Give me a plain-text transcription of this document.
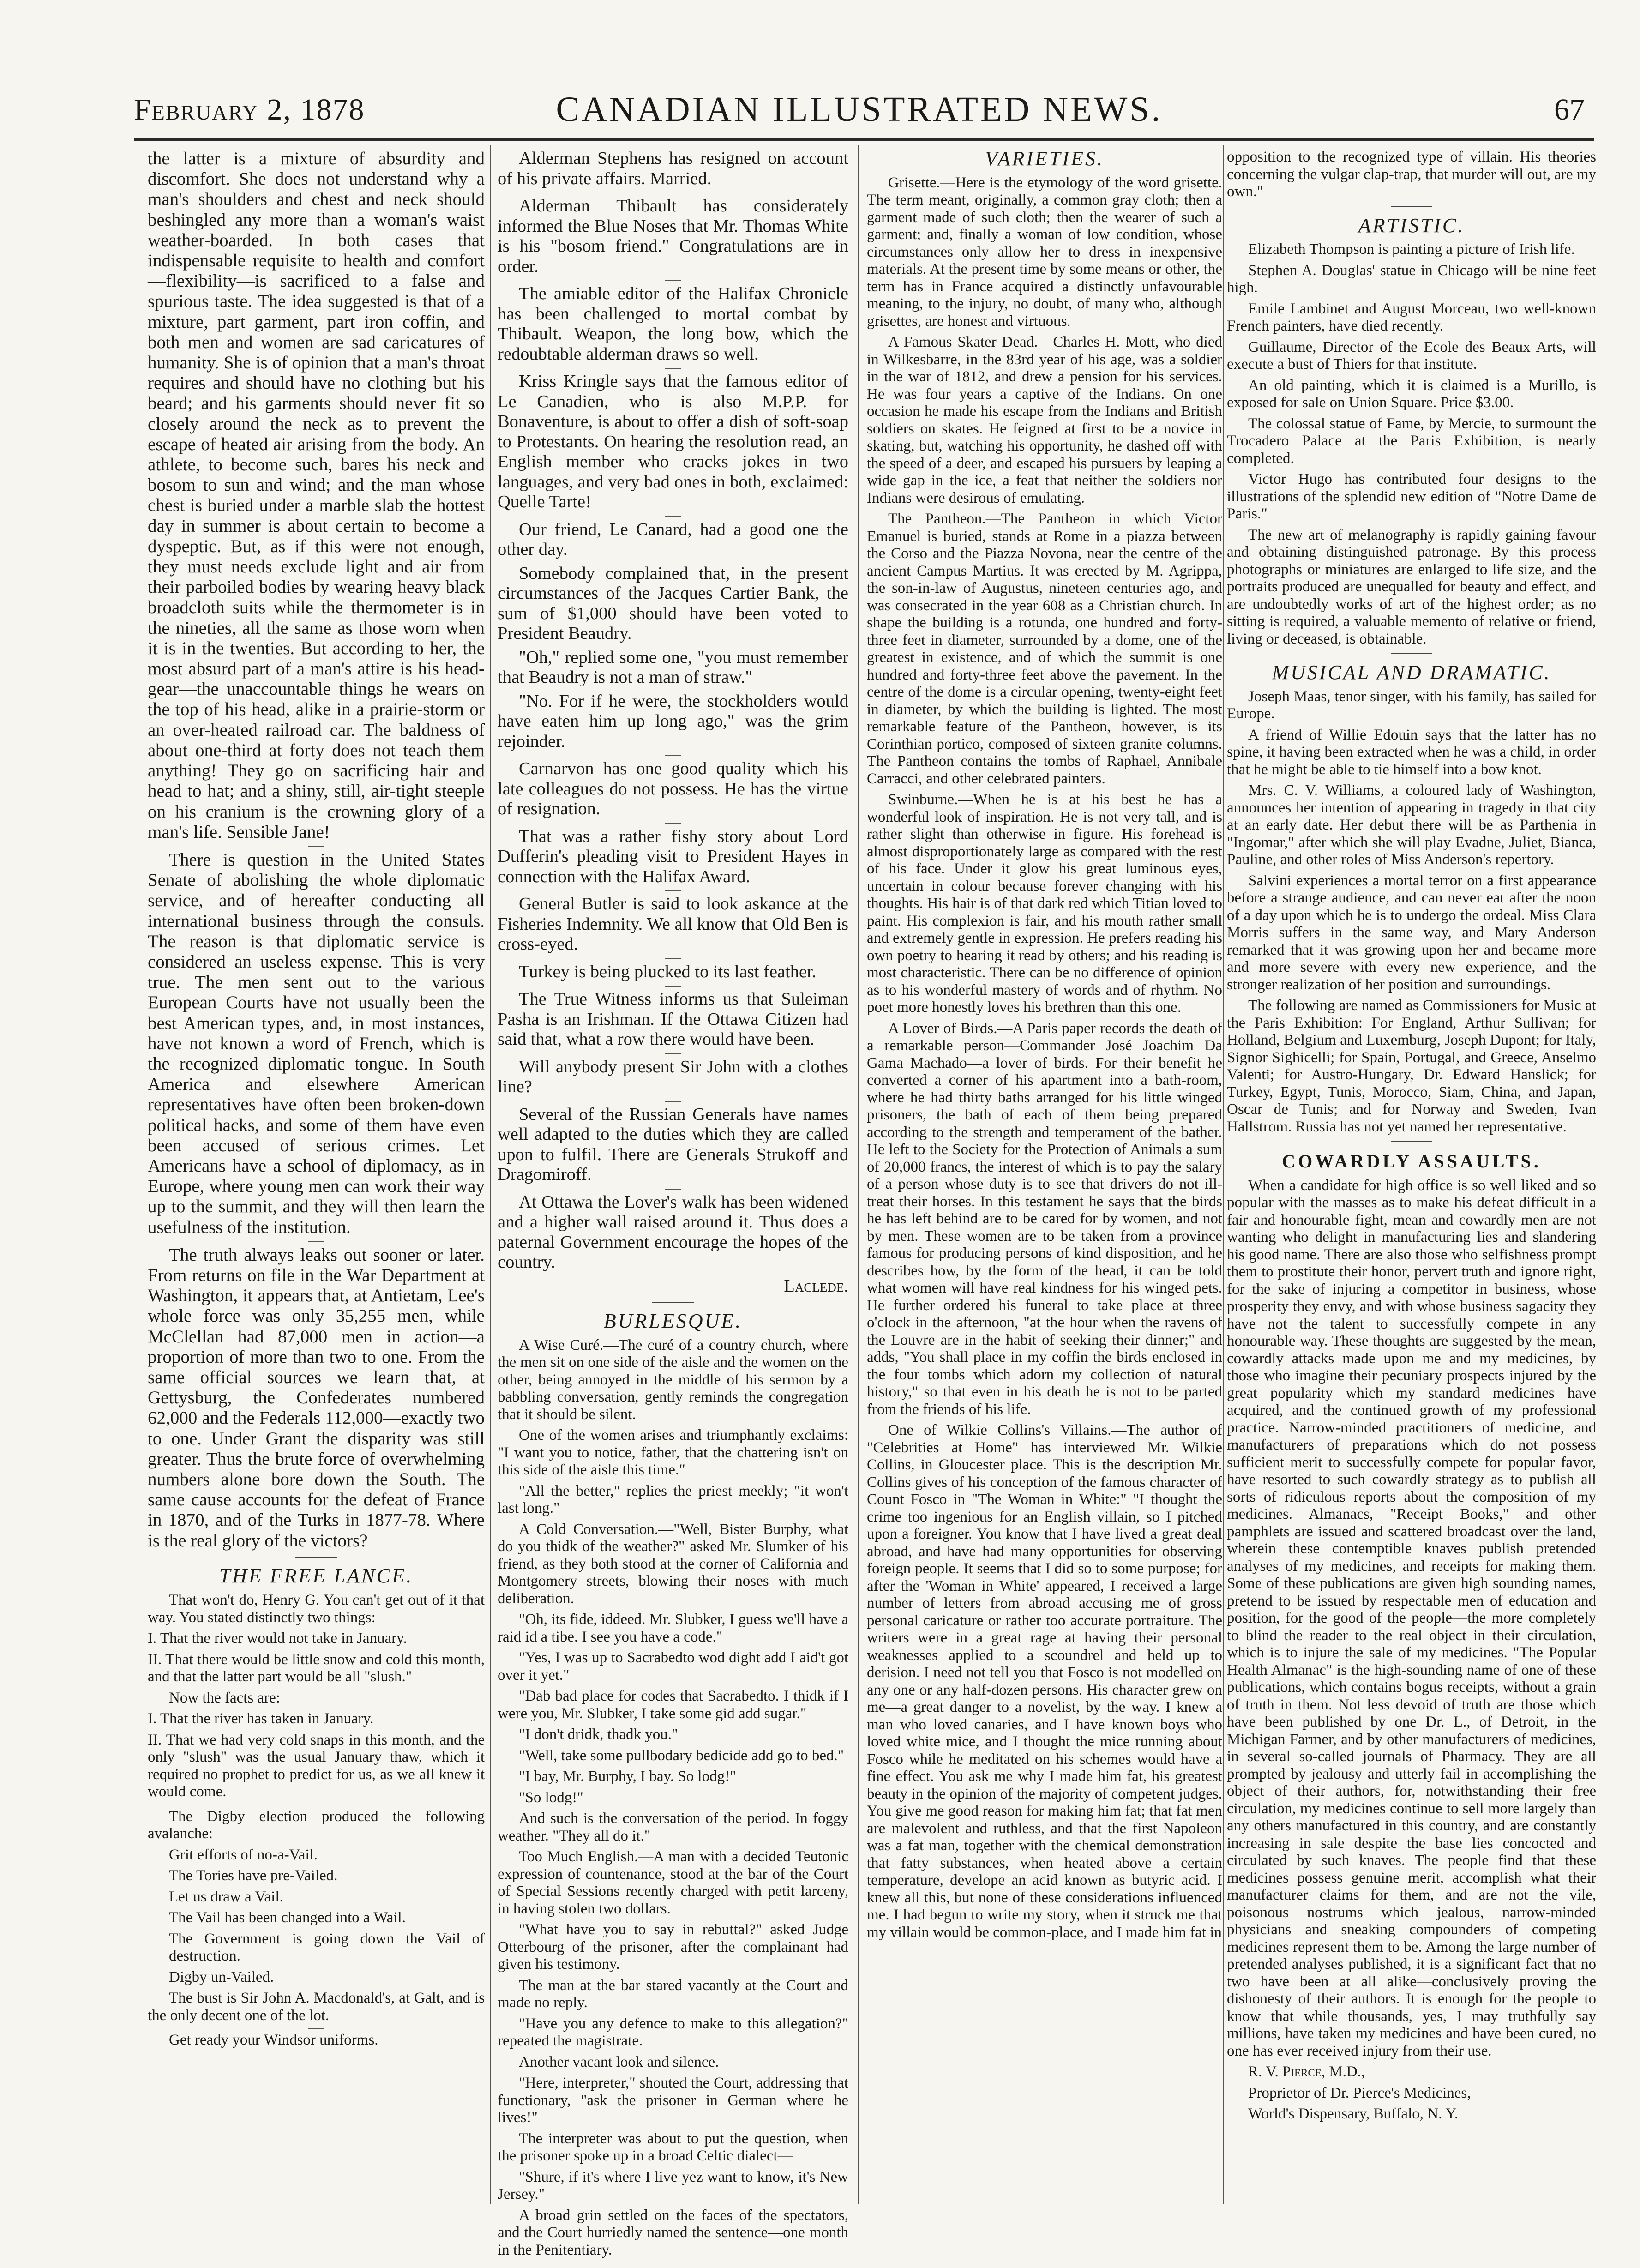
February 2, 1878	CANADIAN ILLUSTRATED NEWS.	67

the latter is a mixture of absurdity and discomfort. She does not understand why a man's shoulders and chest and neck should beshingled any more than a woman's waist weather-boarded. In both cases that indispensable requisite to health and comfort—flexibility—is sacrificed to a false and spurious taste. The idea suggested is that of a mixture, part garment, part iron coffin, and both men and women are sad caricatures of humanity. She is of opinion that a man's throat requires and should have no clothing but his beard; and his garments should never fit so closely around the neck as to prevent the escape of heated air arising from the body. An athlete, to become such, bares his neck and bosom to sun and wind; and the man whose chest is buried under a marble slab the hottest day in summer is about certain to become a dyspeptic. But, as if this were not enough, they must needs exclude light and air from their parboiled bodies by wearing heavy black broadcloth suits while the thermometer is in the nineties, all the same as those worn when it is in the twenties. But according to her, the most absurd part of a man's attire is his head-gear—the unaccountable things he wears on the top of his head, alike in a prairie-storm or an over-heated railroad car. The baldness of about one-third at forty does not teach them anything! They go on sacrificing hair and head to hat; and a shiny, still, air-tight steeple on his cranium is the crowning glory of a man's life. Sensible Jane!

There is question in the United States Senate of abolishing the whole diplomatic service, and of hereafter conducting all international business through the consuls. The reason is that diplomatic service is considered an useless expense. This is very true. The men sent out to the various European Courts have not usually been the best American types, and, in most instances, have not known a word of French, which is the recognized diplomatic tongue. In South America and elsewhere American representatives have often been broken-down political hacks, and some of them have even been accused of serious crimes. Let Americans have a school of diplomacy, as in Europe, where young men can work their way up to the summit, and they will then learn the usefulness of the institution.

The truth always leaks out sooner or later. From returns on file in the War Department at Washington, it appears that, at Antietam, Lee's whole force was only 35,255 men, while McClellan had 87,000 men in action—a proportion of more than two to one. From the same official sources we learn that, at Gettysburg, the Confederates numbered 62,000 and the Federals 112,000—exactly two to one. Under Grant the disparity was still greater. Thus the brute force of overwhelming numbers alone bore down the South. The same cause accounts for the defeat of France in 1870, and of the Turks in 1877-78. Where is the real glory of the victors?

THE FREE LANCE.

That won't do, Henry G. You can't get out of it that way. You stated distinctly two things:

I. That the river would not take in January.

II. That there would be little snow and cold this month, and that the latter part would be all "slush."

Now the facts are:

I. That the river has taken in January.

II. That we had very cold snaps in this month, and the only "slush" was the usual January thaw, which it required no prophet to predict for us, as we all knew it would come.

The Digby election produced the following avalanche:

Grit efforts of no-a-Vail.

The Tories have pre-Vailed.

Let us draw a Vail.

The Vail has been changed into a Wail.

The Government is going down the Vail of destruction.

Digby un-Vailed.

The bust is Sir John A. Macdonald's, at Galt, and is the only decent one of the lot.

Get ready your Windsor uniforms.

Alderman Stephens has resigned on account of his private affairs. Married.

Alderman Thibault has considerately informed the Blue Noses that Mr. Thomas White is his "bosom friend." Congratulations are in order.

The amiable editor of the Halifax Chronicle has been challenged to mortal combat by Thibault. Weapon, the long bow, which the redoubtable alderman draws so well.

Kriss Kringle says that the famous editor of Le Canadien, who is also M.P.P. for Bonaventure, is about to offer a dish of soft-soap to Protestants. On hearing the resolution read, an English member who cracks jokes in two languages, and very bad ones in both, exclaimed: Quelle Tarte!

Our friend, Le Canard, had a good one the other day.

Somebody complained that, in the present circumstances of the Jacques Cartier Bank, the sum of $1,000 should have been voted to President Beaudry.

"Oh," replied some one, "you must remember that Beaudry is not a man of straw."

"No. For if he were, the stockholders would have eaten him up long ago," was the grim rejoinder.

Carnarvon has one good quality which his late colleagues do not possess. He has the virtue of resignation.

That was a rather fishy story about Lord Dufferin's pleading visit to President Hayes in connection with the Halifax Award.

General Butler is said to look askance at the Fisheries Indemnity. We all know that Old Ben is cross-eyed.

Turkey is being plucked to its last feather.

The True Witness informs us that Suleiman Pasha is an Irishman. If the Ottawa Citizen had said that, what a row there would have been.

Will anybody present Sir John with a clothes line?

Several of the Russian Generals have names well adapted to the duties which they are called upon to fulfil. There are Generals Strukoff and Dragomiroff.

At Ottawa the Lover's walk has been widened and a higher wall raised around it. Thus does a paternal Government encourage the hopes of the country.

Laclede.
BURLESQUE.

A Wise Curé.—The curé of a country church, where the men sit on one side of the aisle and the women on the other, being annoyed in the middle of his sermon by a babbling conversation, gently reminds the congregation that it should be silent.

One of the women arises and triumphantly exclaims: "I want you to notice, father, that the chattering isn't on this side of the aisle this time."

"All the better," replies the priest meekly; "it won't last long."

A Cold Conversation.—"Well, Bister Burphy, what do you thidk of the weather?" asked Mr. Slumker of his friend, as they both stood at the corner of California and Montgomery streets, blowing their noses with much deliberation.

"Oh, its fide, iddeed. Mr. Slubker, I guess we'll have a raid id a tibe. I see you have a code."

"Yes, I was up to Sacrabedto wod dight add I aid't got over it yet."

"Dab bad place for codes that Sacrabedto. I thidk if I were you, Mr. Slubker, I take some gid add sugar."

"I don't dridk, thadk you."

"Well, take some pullbodary bedicide add go to bed."

"I bay, Mr. Burphy, I bay. So lodg!"

"So lodg!"

And such is the conversation of the period. In foggy weather. "They all do it."

Too Much English.—A man with a decided Teutonic expression of countenance, stood at the bar of the Court of Special Sessions recently charged with petit larceny, in having stolen two dollars.

"What have you to say in rebuttal?" asked Judge Otterbourg of the prisoner, after the complainant had given his testimony.

The man at the bar stared vacantly at the Court and made no reply.

"Have you any defence to make to this allegation?" repeated the magistrate.

Another vacant look and silence.

"Here, interpreter," shouted the Court, addressing that functionary, "ask the prisoner in German where he lives!"

The interpreter was about to put the question, when the prisoner spoke up in a broad Celtic dialect—

"Shure, if it's where I live yez want to know, it's New Jersey."

A broad grin settled on the faces of the spectators, and the Court hurriedly named the sentence—one month in the Penitentiary.

VARIETIES.

Grisette.—Here is the etymology of the word grisette. The term meant, originally, a common gray cloth; then a garment made of such cloth; then the wearer of such a garment; and, finally a woman of low condition, whose circumstances only allow her to dress in inexpensive materials. At the present time by some means or other, the term has in France acquired a distinctly unfavourable meaning, to the injury, no doubt, of many who, although grisettes, are honest and virtuous.

A Famous Skater Dead.—Charles H. Mott, who died in Wilkesbarre, in the 83rd year of his age, was a soldier in the war of 1812, and drew a pension for his services. He was four years a captive of the Indians. On one occasion he made his escape from the Indians and British soldiers on skates. He feigned at first to be a novice in skating, but, watching his opportunity, he dashed off with the speed of a deer, and escaped his pursuers by leaping a wide gap in the ice, a feat that neither the soldiers nor Indians were desirous of emulating.

The Pantheon.—The Pantheon in which Victor Emanuel is buried, stands at Rome in a piazza between the Corso and the Piazza Novona, near the centre of the ancient Campus Martius. It was erected by M. Agrippa, the son-in-law of Augustus, nineteen centuries ago, and was consecrated in the year 608 as a Christian church. In shape the building is a rotunda, one hundred and forty-three feet in diameter, surrounded by a dome, one of the greatest in existence, and of which the summit is one hundred and forty-three feet above the pavement. In the centre of the dome is a circular opening, twenty-eight feet in diameter, by which the building is lighted. The most remarkable feature of the Pantheon, however, is its Corinthian portico, composed of sixteen granite columns. The Pantheon contains the tombs of Raphael, Annibale Carracci, and other celebrated painters.

Swinburne.—When he is at his best he has a wonderful look of inspiration. He is not very tall, and is rather slight than otherwise in figure. His forehead is almost disproportionately large as compared with the rest of his face. Under it glow his great luminous eyes, uncertain in colour because forever changing with his thoughts. His hair is of that dark red which Titian loved to paint. His complexion is fair, and his mouth rather small and extremely gentle in expression. He prefers reading his own poetry to hearing it read by others; and his reading is most characteristic. There can be no difference of opinion as to his wonderful mastery of words and of rhythm. No poet more honestly loves his brethren than this one.

A Lover of Birds.—A Paris paper records the death of a remarkable person—Commander José Joachim Da Gama Machado—a lover of birds. For their benefit he converted a corner of his apartment into a bath-room, where he had thirty baths arranged for his little winged prisoners, the bath of each of them being prepared according to the strength and temperament of the bather. He left to the Society for the Protection of Animals a sum of 20,000 francs, the interest of which is to pay the salary of a person whose duty is to see that drivers do not ill-treat their horses. In this testament he says that the birds he has left behind are to be cared for by women, and not by men. These women are to be taken from a province famous for producing persons of kind disposition, and he describes how, by the form of the head, it can be told what women will have real kindness for his winged pets. He further ordered his funeral to take place at three o'clock in the afternoon, "at the hour when the ravens of the Louvre are in the habit of seeking their dinner;" and adds, "You shall place in my coffin the birds enclosed in the four tombs which adorn my collection of natural history," so that even in his death he is not to be parted from the friends of his life.

One of Wilkie Collins's Villains.—The author of "Celebrities at Home" has interviewed Mr. Wilkie Collins, in Gloucester place. This is the description Mr. Collins gives of his conception of the famous character of Count Fosco in "The Woman in White:" "I thought the crime too ingenious for an English villain, so I pitched upon a foreigner. You know that I have lived a great deal abroad, and have had many opportunities for observing foreign people. It seems that I did so to some purpose; for after the 'Woman in White' appeared, I received a large number of letters from abroad accusing me of gross personal caricature or rather too accurate portraiture. The writers were in a great rage at having their personal weaknesses applied to a scoundrel and held up to derision. I need not tell you that Fosco is not modelled on any one or any half-dozen persons. His character grew on me—a great danger to a novelist, by the way. I knew a man who loved canaries, and I have known boys who loved white mice, and I thought the mice running about Fosco while he meditated on his schemes would have a fine effect. You ask me why I made him fat, his greatest beauty in the opinion of the majority of competent judges. You give me good reason for making him fat; that fat men are malevolent and ruthless, and that the first Napoleon was a fat man, together with the chemical demonstration that fatty substances, when heated above a certain temperature, develope an acid known as butyric acid. I knew all this, but none of these considerations influenced me. I had begun to write my story, when it struck me that my villain would be common-place, and I made him fat in

opposition to the recognized type of villain. His theories concerning the vulgar clap-trap, that murder will out, are my own."

ARTISTIC.

Elizabeth Thompson is painting a picture of Irish life.

Stephen A. Douglas' statue in Chicago will be nine feet high.

Emile Lambinet and August Morceau, two well-known French painters, have died recently.

Guillaume, Director of the Ecole des Beaux Arts, will execute a bust of Thiers for that institute.

An old painting, which it is claimed is a Murillo, is exposed for sale on Union Square. Price $3.00.

The colossal statue of Fame, by Mercie, to surmount the Trocadero Palace at the Paris Exhibition, is nearly completed.

Victor Hugo has contributed four designs to the illustrations of the splendid new edition of "Notre Dame de Paris."

The new art of melanography is rapidly gaining favour and obtaining distinguished patronage. By this process photographs or miniatures are enlarged to life size, and the portraits produced are unequalled for beauty and effect, and are undoubtedly works of art of the highest order; as no sitting is required, a valuable memento of relative or friend, living or deceased, is obtainable.

MUSICAL AND DRAMATIC.

Joseph Maas, tenor singer, with his family, has sailed for Europe.

A friend of Willie Edouin says that the latter has no spine, it having been extracted when he was a child, in order that he might be able to tie himself into a bow knot.

Mrs. C. V. Williams, a coloured lady of Washington, announces her intention of appearing in tragedy in that city at an early date. Her debut there will be as Parthenia in "Ingomar," after which she will play Evadne, Juliet, Bianca, Pauline, and other roles of Miss Anderson's repertory.

Salvini experiences a mortal terror on a first appearance before a strange audience, and can never eat after the noon of a day upon which he is to undergo the ordeal. Miss Clara Morris suffers in the same way, and Mary Anderson remarked that it was growing upon her and became more and more severe with every new experience, and the stronger realization of her position and surroundings.

The following are named as Commissioners for Music at the Paris Exhibition: For England, Arthur Sullivan; for Holland, Belgium and Luxemburg, Joseph Dupont; for Italy, Signor Sighicelli; for Spain, Portugal, and Greece, Anselmo Valenti; for Austro-Hungary, Dr. Edward Hanslick; for Turkey, Egypt, Tunis, Morocco, Siam, China, and Japan, Oscar de Tunis; and for Norway and Sweden, Ivan Hallstrom. Russia has not yet named her representative.

COWARDLY ASSAULTS.

When a candidate for high office is so well liked and so popular with the masses as to make his defeat difficult in a fair and honourable fight, mean and cowardly men are not wanting who delight in manufacturing lies and slandering his good name. There are also those who selfishness prompt them to prostitute their honor, pervert truth and ignore right, for the sake of injuring a competitor in business, whose prosperity they envy, and with whose business sagacity they have not the talent to successfully compete in any honourable way. These thoughts are suggested by the mean, cowardly attacks made upon me and my medicines, by those who imagine their pecuniary prospects injured by the great popularity which my standard medicines have acquired, and the continued growth of my professional practice. Narrow-minded practitioners of medicine, and manufacturers of preparations which do not possess sufficient merit to successfully compete for popular favor, have resorted to such cowardly strategy as to publish all sorts of ridiculous reports about the composition of my medicines. Almanacs, "Receipt Books," and other pamphlets are issued and scattered broadcast over the land, wherein these contemptible knaves publish pretended analyses of my medicines, and receipts for making them. Some of these publications are given high sounding names, pretend to be issued by respectable men of education and position, for the good of the people—the more completely to blind the reader to the real object in their circulation, which is to injure the sale of my medicines. "The Popular Health Almanac" is the high-sounding name of one of these publications, which contains bogus receipts, without a grain of truth in them. Not less devoid of truth are those which have been published by one Dr. L., of Detroit, in the Michigan Farmer, and by other manufacturers of medicines, in several so-called journals of Pharmacy. They are all prompted by jealousy and utterly fail in accomplishing the object of their authors, for, notwithstanding their free circulation, my medicines continue to sell more largely than any others manufactured in this country, and are constantly increasing in sale despite the base lies concocted and circulated by such knaves. The people find that these medicines possess genuine merit, accomplish what their manufacturer claims for them, and are not the vile, poisonous nostrums which jealous, narrow-minded physicians and sneaking compounders of competing medicines represent them to be. Among the large number of pretended analyses published, it is a significant fact that no two have been at all alike—conclusively proving the dishonesty of their authors. It is enough for the people to know that while thousands, yes, I may truthfully say millions, have taken my medicines and have been cured, no one has ever received injury from their use.

R. V. Pierce, M.D.,

Proprietor of Dr. Pierce's Medicines,

World's Dispensary, Buffalo, N. Y.
